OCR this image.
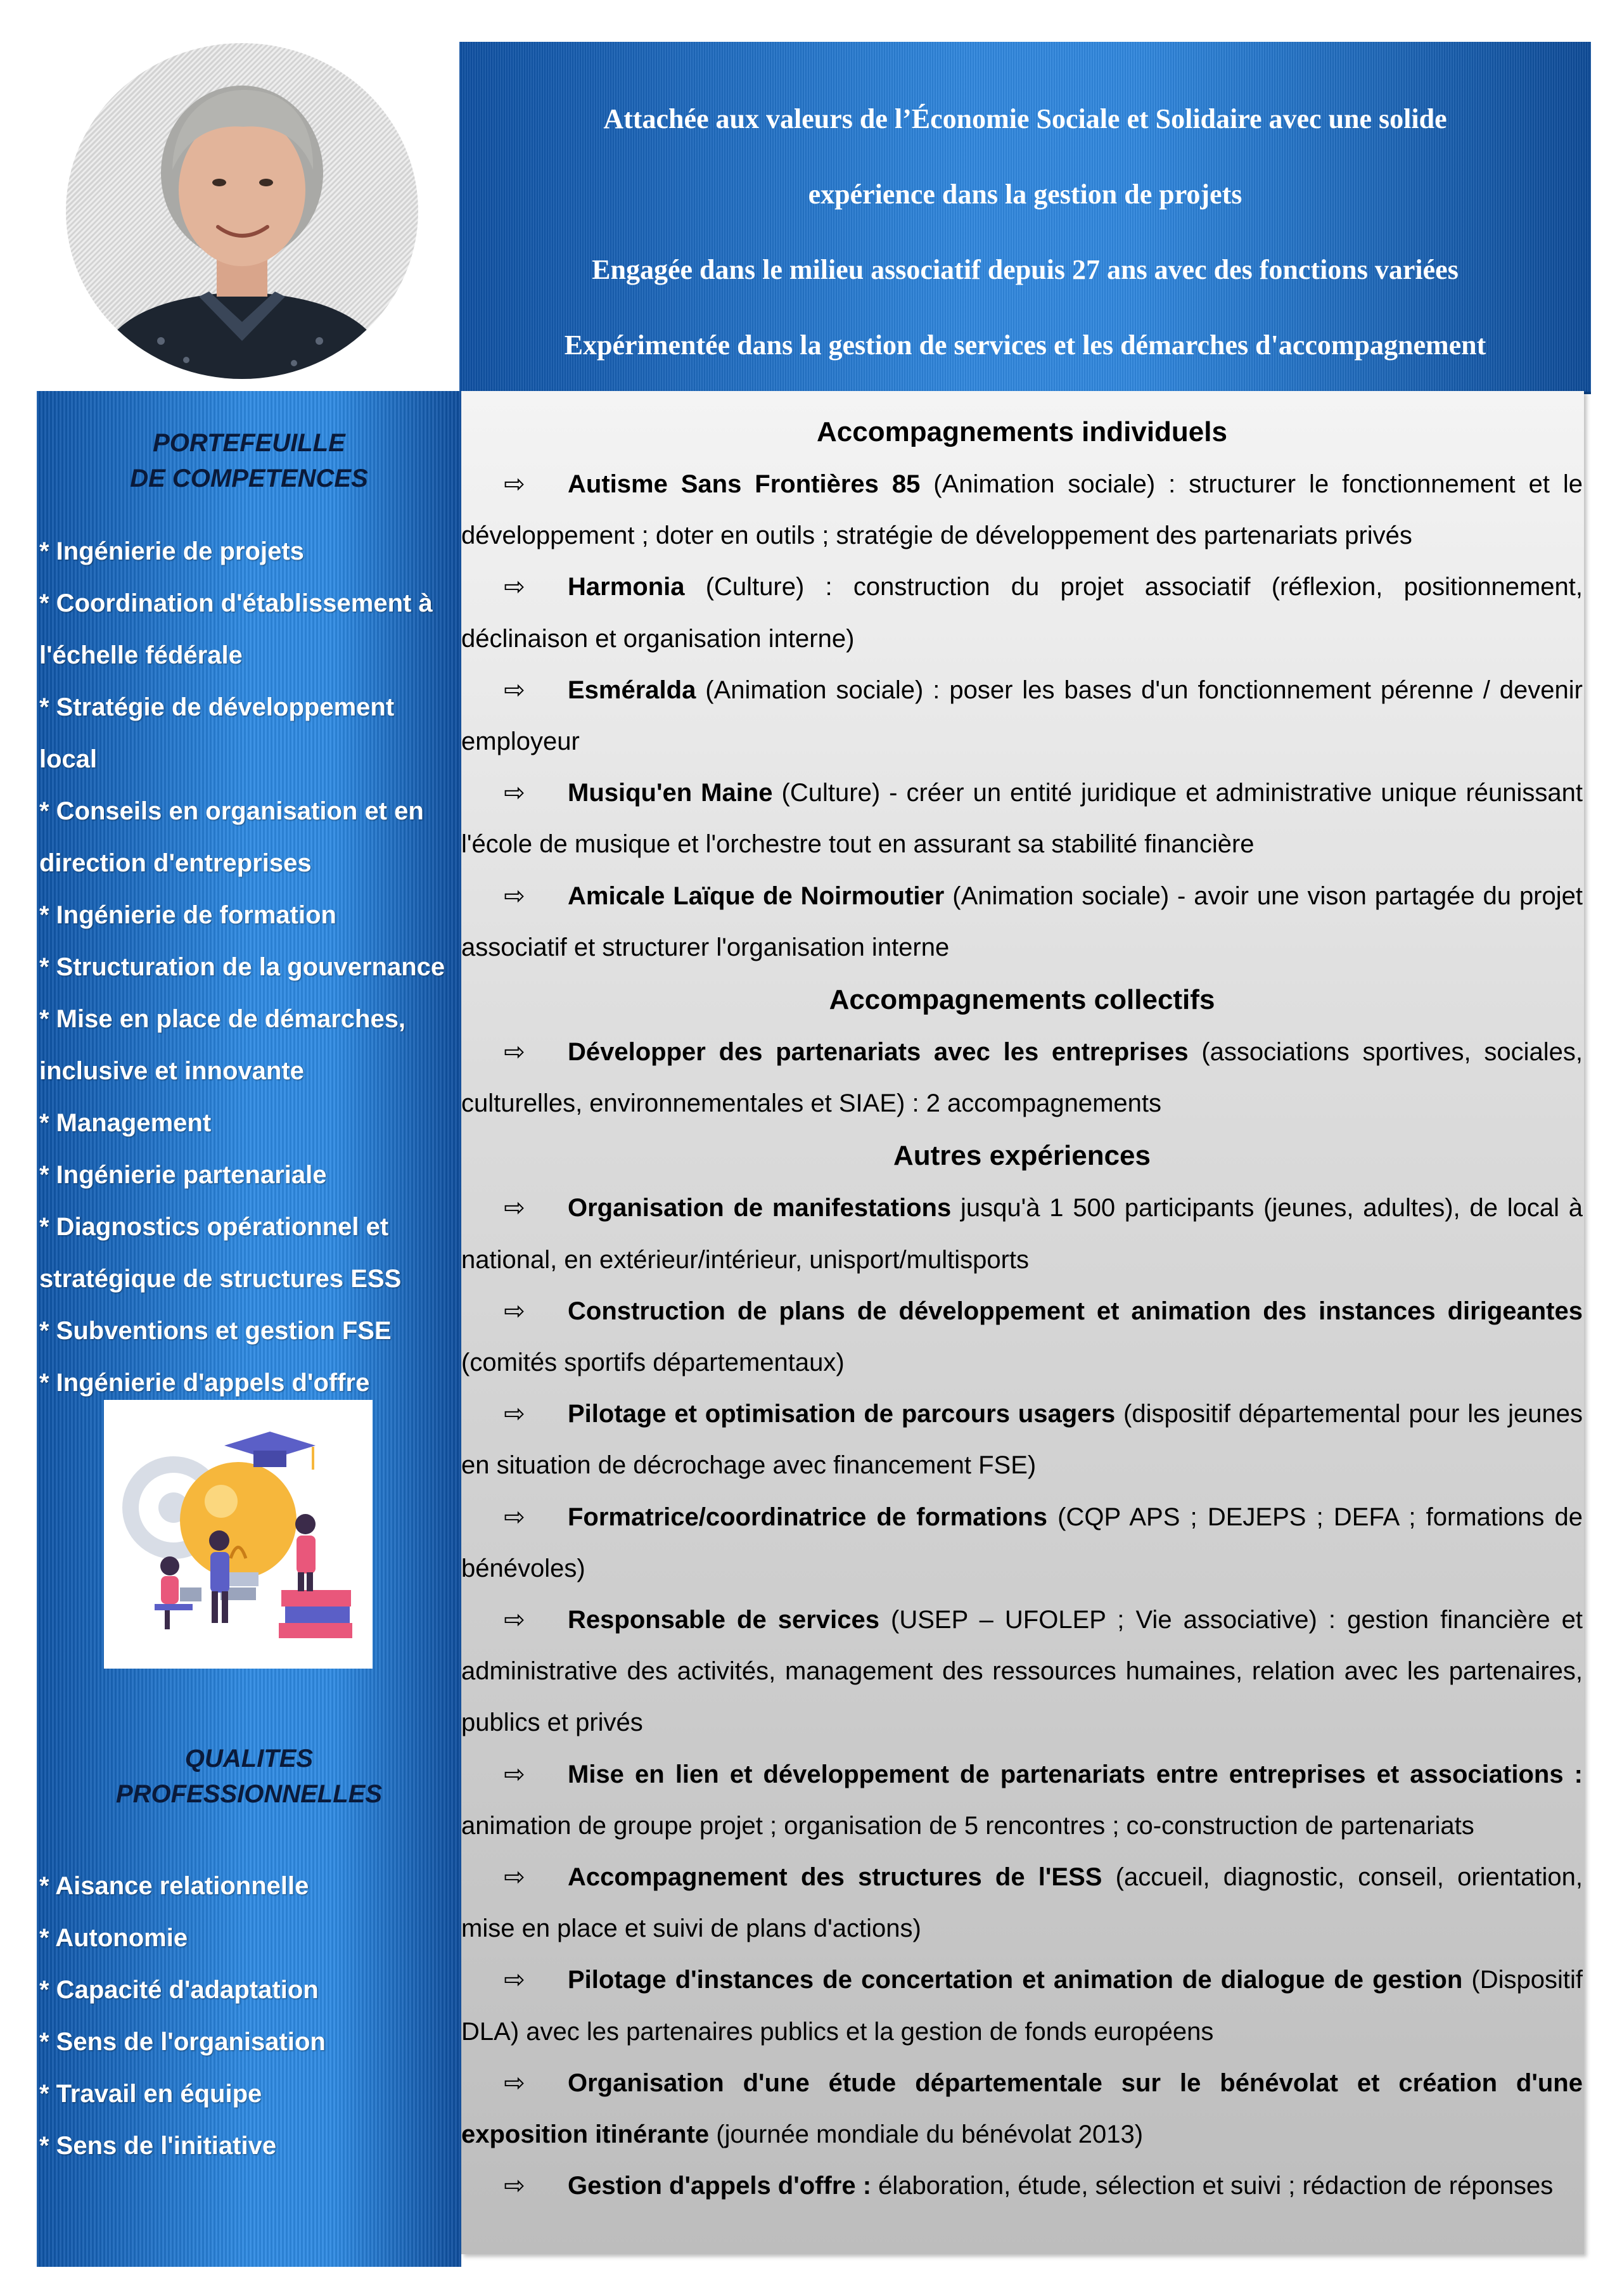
Attachée aux valeurs de l’Économie Sociale et Solidaire avec une solide
expérience dans la gestion de projets
Engagée dans le milieu associatif depuis 27 ans avec des fonctions variées
Expérimentée dans la gestion de services et les démarches d'accompagnement
PORTEFEUILLE
DE COMPETENCES
* Ingénierie de projets
* Coordination d'établissement à l'échelle fédérale
* Stratégie de développement local
* Conseils en organisation et en direction d'entreprises
* Ingénierie de formation
* Structuration de la gouvernance
* Mise en place de démarches, inclusive et innovante
* Management
* Ingénierie partenariale
* Diagnostics opérationnel et stratégique de structures ESS
* Subventions et gestion FSE
* Ingénierie d'appels d'offre
QUALITES
PROFESSIONNELLES
* Aisance relationnelle
* Autonomie
* Capacité d'adaptation
* Sens de l'organisation
* Travail en équipe
* Sens de l'initiative
Accompagnements individuels

⇨ Autisme Sans Frontières 85 (Animation sociale) : structurer le fonctionnement et le développement ; doter en outils ; stratégie de développement des partenariats privés

⇨ Harmonia (Culture) : construction du projet associatif (réflexion, positionnement, déclinaison et organisation interne)

⇨ Esméralda (Animation sociale) : poser les bases d'un fonctionnement pérenne / devenir employeur

⇨ Musiqu'en Maine (Culture) - créer un entité juridique et administrative unique réunissant l'école de musique et l'orchestre tout en assurant sa stabilité financière

⇨ Amicale Laïque de Noirmoutier (Animation sociale) - avoir une vison partagée du projet associatif et structurer l'organisation interne

Accompagnements collectifs

⇨ Développer des partenariats avec les entreprises (associations sportives, sociales, culturelles, environnementales et SIAE) : 2 accompagnements

Autres expériences

⇨ Organisation de manifestations jusqu'à 1 500 participants (jeunes, adultes), de local à national, en extérieur/intérieur, unisport/multisports

⇨ Construction de plans de développement et animation des instances dirigeantes (comités sportifs départementaux)

⇨ Pilotage et optimisation de parcours usagers (dispositif départemental pour les jeunes en situation de décrochage avec financement FSE)

⇨ Formatrice/coordinatrice de formations (CQP APS ; DEJEPS ; DEFA ; formations de bénévoles)

⇨ Responsable de services (USEP – UFOLEP ; Vie associative) : gestion financière et administrative des activités, management des ressources humaines, relation avec les partenaires, publics et privés

⇨ Mise en lien et développement de partenariats entre entreprises et associations : animation de groupe projet ; organisation de 5 rencontres ; co-construction de partenariats

⇨ Accompagnement des structures de l'ESS (accueil, diagnostic, conseil, orientation, mise en place et suivi de plans d'actions)

⇨ Pilotage d'instances de concertation et animation de dialogue de gestion (Dispositif DLA) avec les partenaires publics et la gestion de fonds européens

⇨ Organisation d'une étude départementale sur le bénévolat et création d'une exposition itinérante (journée mondiale du bénévolat 2013)

⇨ Gestion d'appels d'offre : élaboration, étude, sélection et suivi ; rédaction de réponses
